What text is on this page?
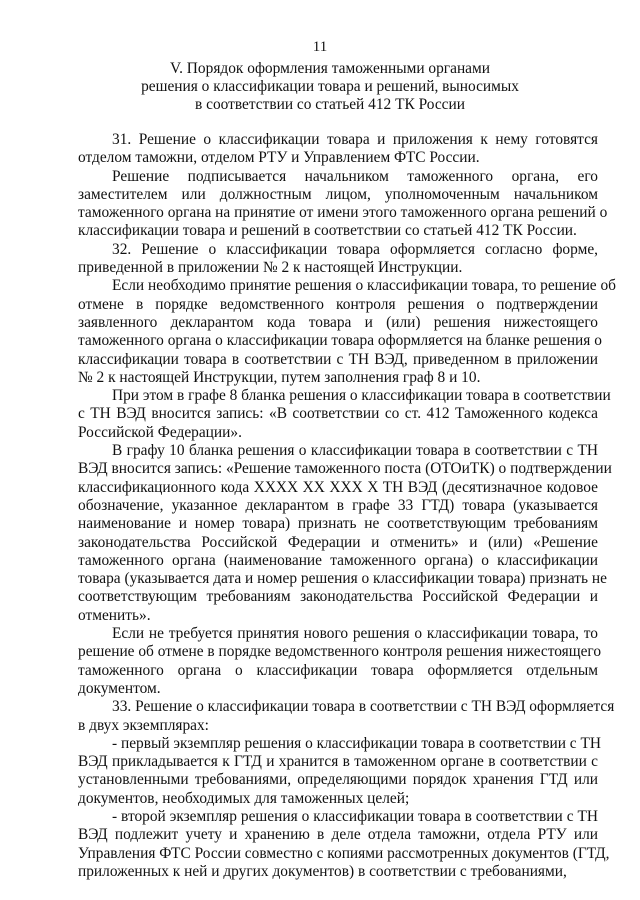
11
V. Порядок оформления таможенными органами
решения о классификации товара и решений, выносимых
в соответствии со статьей 412 ТК России
31. Решение о классификации товара и приложения к нему готовятся
отделом таможни, отделом РТУ и Управлением ФТС России.
Решение подписывается начальником таможенного органа, его
заместителем или должностным лицом, уполномоченным начальником
таможенного органа на принятие от имени этого таможенного органа решений о
классификации товара и решений в соответствии со статьей 412 ТК России.
32. Решение о классификации товара оформляется согласно форме,
приведенной в приложении № 2 к настоящей Инструкции.
Если необходимо принятие решения о классификации товара, то решение об
отмене в порядке ведомственного контроля решения о подтверждении
заявленного декларантом кода товара и (или) решения нижестоящего
таможенного органа о классификации товара оформляется на бланке решения о
классификации товара в соответствии с ТН ВЭД, приведенном в приложении
№ 2 к настоящей Инструкции, путем заполнения граф 8 и 10.
При этом в графе 8 бланка решения о классификации товара в соответствии
с ТН ВЭД вносится запись: «В соответствии со ст. 412 Таможенного кодекса
Российской Федерации».
В графу 10 бланка решения о классификации товара в соответствии с ТН
ВЭД вносится запись: «Решение таможенного поста (ОТОиТК) о подтверждении
классификационного кода ХХХХ ХХ ХХХ Х ТН ВЭД (десятизначное кодовое
обозначение, указанное декларантом в графе 33 ГТД) товара (указывается
наименование и номер товара) признать не соответствующим требованиям
законодательства Российской Федерации и отменить» и (или) «Решение
таможенного органа (наименование таможенного органа) о классификации
товара (указывается дата и номер решения о классификации товара) признать не
соответствующим требованиям законодательства Российской Федерации и
отменить».
Если не требуется принятия нового решения о классификации товара, то
решение об отмене в порядке ведомственного контроля решения нижестоящего
таможенного органа о классификации товара оформляется отдельным
документом.
33. Решение о классификации товара в соответствии с ТН ВЭД оформляется
в двух экземплярах:
- первый экземпляр решения о классификации товара в соответствии с ТН
ВЭД прикладывается к ГТД и хранится в таможенном органе в соответствии с
установленными требованиями, определяющими порядок хранения ГТД или
документов, необходимых для таможенных целей;
- второй экземпляр решения о классификации товара в соответствии с ТН
ВЭД подлежит учету и хранению в деле отдела таможни, отдела РТУ или
Управления ФТС России совместно с копиями рассмотренных документов (ГТД,
приложенных к ней и других документов) в соответствии с требованиями,
